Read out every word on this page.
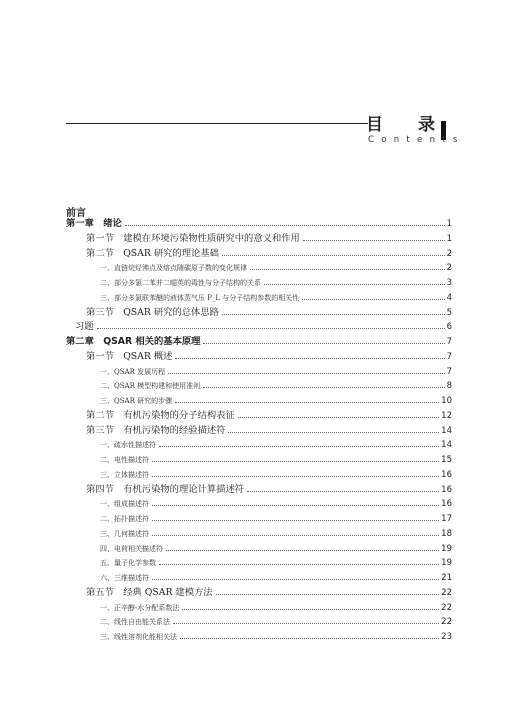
目 录
C o n t e n t s
前言
第一章　绪论	1
第一节　建模在环境污染物性质研究中的意义和作用	1
第二节　QSAR 研究的理论基础	2
一、直链烷烃沸点及熔点随碳原子数的变化规律	2
二、部分多氯二苯并二噁英的毒性与分子结构的关系	3
三、部分多氯联苯醚的液体蒸气压 P_L 与分子结构参数的相关性	4
第三节　QSAR 研究的总体思路	5
习题	6
第二章　QSAR 相关的基本原理	7
第一节　QSAR 概述	7
一、QSAR 发展历程	7
二、QSAR 模型构建和使用准则	8
三、QSAR 研究的步骤	10
第二节　有机污染物的分子结构表征	12
第三节　有机污染物的经验描述符	14
一、疏水性描述符	14
二、电性描述符	15
三、立体描述符	16
第四节　有机污染物的理论计算描述符	16
一、组成描述符	16
二、拓扑描述符	17
三、几何描述符	18
四、电荷相关描述符	19
五、量子化学参数	19
六、三维描述符	21
第五节　经典 QSAR 建模方法	22
一、正辛醇-水分配系数法	22
二、线性自由能关系法	22
三、线性溶剂化能相关法	23
